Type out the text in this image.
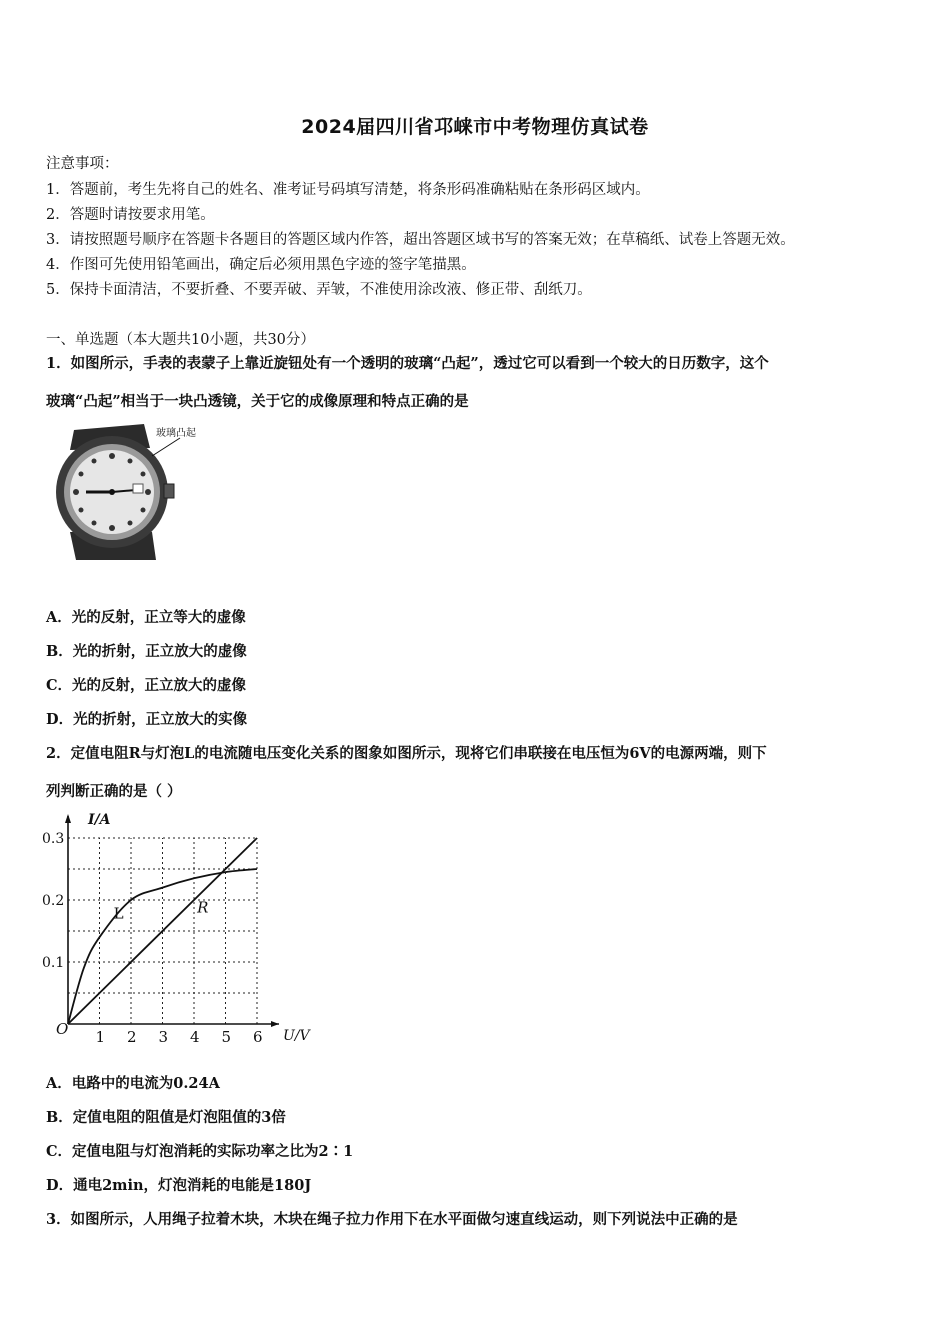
2024届四川省邛崃市中考物理仿真试卷
注意事项：
1．答题前，考生先将自己的姓名、准考证号码填写清楚，将条形码准确粘贴在条形码区域内。
2．答题时请按要求用笔。
3．请按照题号顺序在答题卡各题目的答题区域内作答，超出答题区域书写的答案无效；在草稿纸、试卷上答题无效。
4．作图可先使用铅笔画出，确定后必须用黑色字迹的签字笔描黑。
5．保持卡面清洁，不要折叠、不要弄破、弄皱，不准使用涂改液、修正带、刮纸刀。
一、单选题（本大题共10小题，共30分）
1．如图所示，手表的表蒙子上靠近旋钮处有一个透明的玻璃“凸起”，透过它可以看到一个较大的日历数字，这个
玻璃“凸起”相当于一块凸透镜，关于它的成像原理和特点正确的是
玻璃凸起
A．光的反射，正立等大的虚像
B．光的折射，正立放大的虚像
C．光的反射，正立放大的虚像
D．光的折射，正立放大的实像
2．定值电阻R与灯泡L的电流随电压变化关系的图象如图所示，现将它们串联接在电压恒为6V的电源两端，则下
列判断正确的是（ ）
1 2 3 4 5 6
0.1
0.2
0.3
O	U/V
I/A
L	R
A．电路中的电流为0.24A
B．定值电阻的阻值是灯泡阻值的3倍
C．定值电阻与灯泡消耗的实际功率之比为2∶1
D．通电2min，灯泡消耗的电能是180J
3．如图所示，人用绳子拉着木块，木块在绳子拉力作用下在水平面做匀速直线运动，则下列说法中正确的是
